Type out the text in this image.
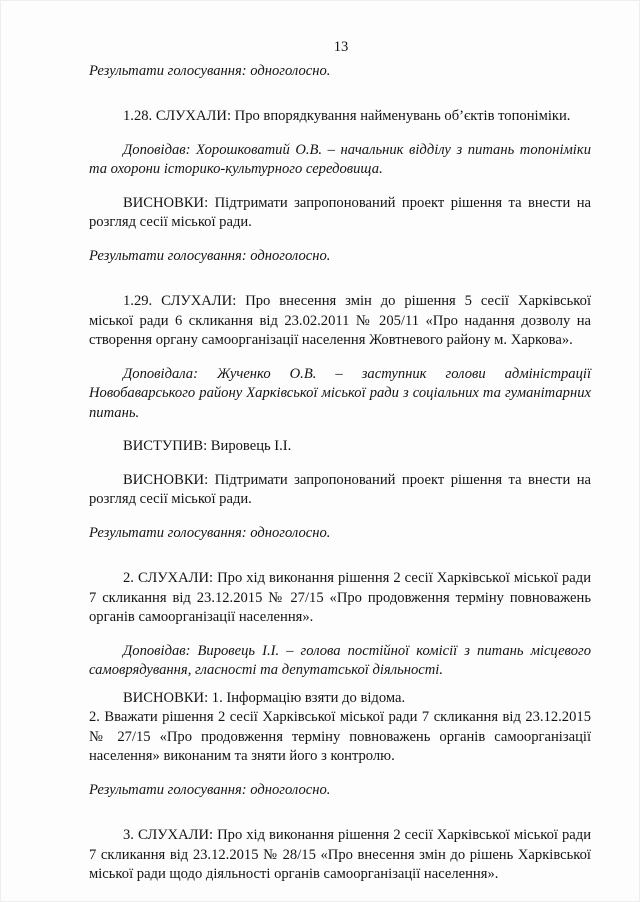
13

Результати голосування: одноголосно.

1.28. СЛУХАЛИ: Про впорядкування найменувань об’єктів топоніміки.

Доповідав: Хорошковатий О.В. – начальник відділу з питань топоніміки та охорони історико-культурного середовища.

ВИСНОВКИ: Підтримати запропонований проект рішення та внести на розгляд сесії міської ради.

Результати голосування: одноголосно.

1.29. СЛУХАЛИ: Про внесення змін до рішення 5 сесії Харківської міської ради 6 скликання від 23.02.2011 № 205/11 «Про надання дозволу на створення органу самоорганізації населення Жовтневого району м. Харкова».

Доповідала: Жученко О.В. – заступник голови адміністрації Новобаварського району Харківської міської ради з соціальних та гуманітарних питань.

ВИСТУПИВ: Вировець І.І.

ВИСНОВКИ: Підтримати запропонований проект рішення та внести на розгляд сесії міської ради.

Результати голосування: одноголосно.

2. СЛУХАЛИ: Про хід виконання рішення 2 сесії Харківської міської ради 7 скликання від 23.12.2015 № 27/15 «Про продовження терміну повноважень органів самоорганізації населення».

Доповідав: Вировець І.І. – голова постійної комісії з питань місцевого самоврядування, гласності та депутатської діяльності.

ВИСНОВКИ: 1. Інформацію взяти до відома.

2. Вважати рішення 2 сесії Харківської міської ради 7 скликання від 23.12.2015 № 27/15 «Про продовження терміну повноважень органів самоорганізації населення» виконаним та зняти його з контролю.

Результати голосування: одноголосно.

3. СЛУХАЛИ: Про хід виконання рішення 2 сесії Харківської міської ради 7 скликання від 23.12.2015 № 28/15 «Про внесення змін до рішень Харківської міської ради щодо діяльності органів самоорганізації населення».
